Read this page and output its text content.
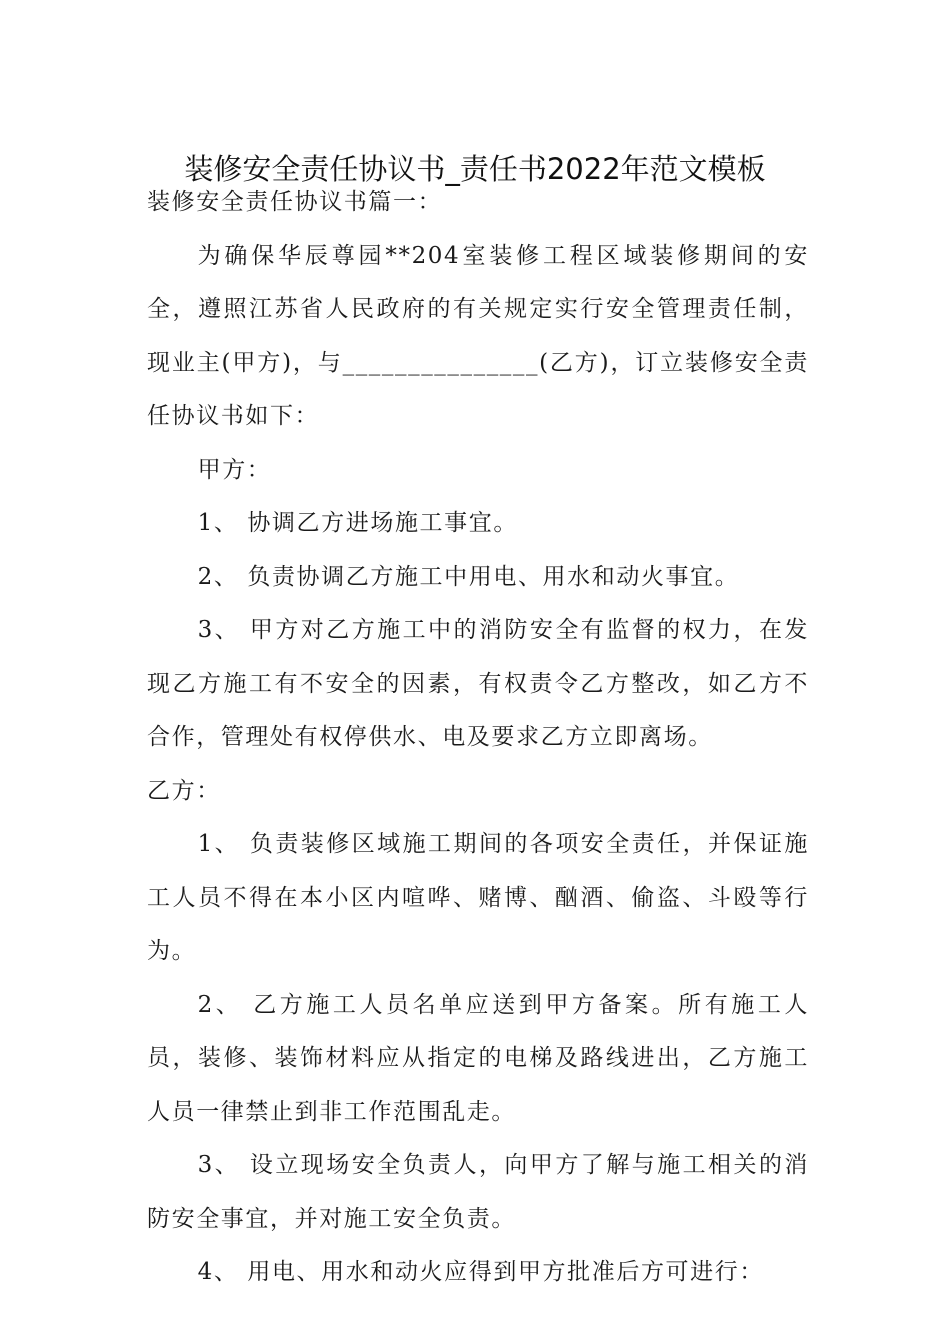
装修安全责任协议书_责任书2022年范文模板

装修安全责任协议书篇一：

为确保华辰尊园**204室装修工程区域装修期间的安全，遵照江苏省人民政府的有关规定实行安全管理责任制，现业主(甲方)，与_______________(乙方)，订立装修安全责任协议书如下：

甲方：

1、 协调乙方进场施工事宜。

2、 负责协调乙方施工中用电、用水和动火事宜。

3、 甲方对乙方施工中的消防安全有监督的权力，在发现乙方施工有不安全的因素，有权责令乙方整改，如乙方不合作，管理处有权停供水、电及要求乙方立即离场。

乙方：

1、 负责装修区域施工期间的各项安全责任，并保证施工人员不得在本小区内喧哗、赌博、酗酒、偷盗、斗殴等行为。

2、 乙方施工人员名单应送到甲方备案。所有施工人员，装修、装饰材料应从指定的电梯及路线进出，乙方施工人员一律禁止到非工作范围乱走。

3、 设立现场安全负责人，向甲方了解与施工相关的消防安全事宜，并对施工安全负责。

4、 用电、用水和动火应得到甲方批准后方可进行：
